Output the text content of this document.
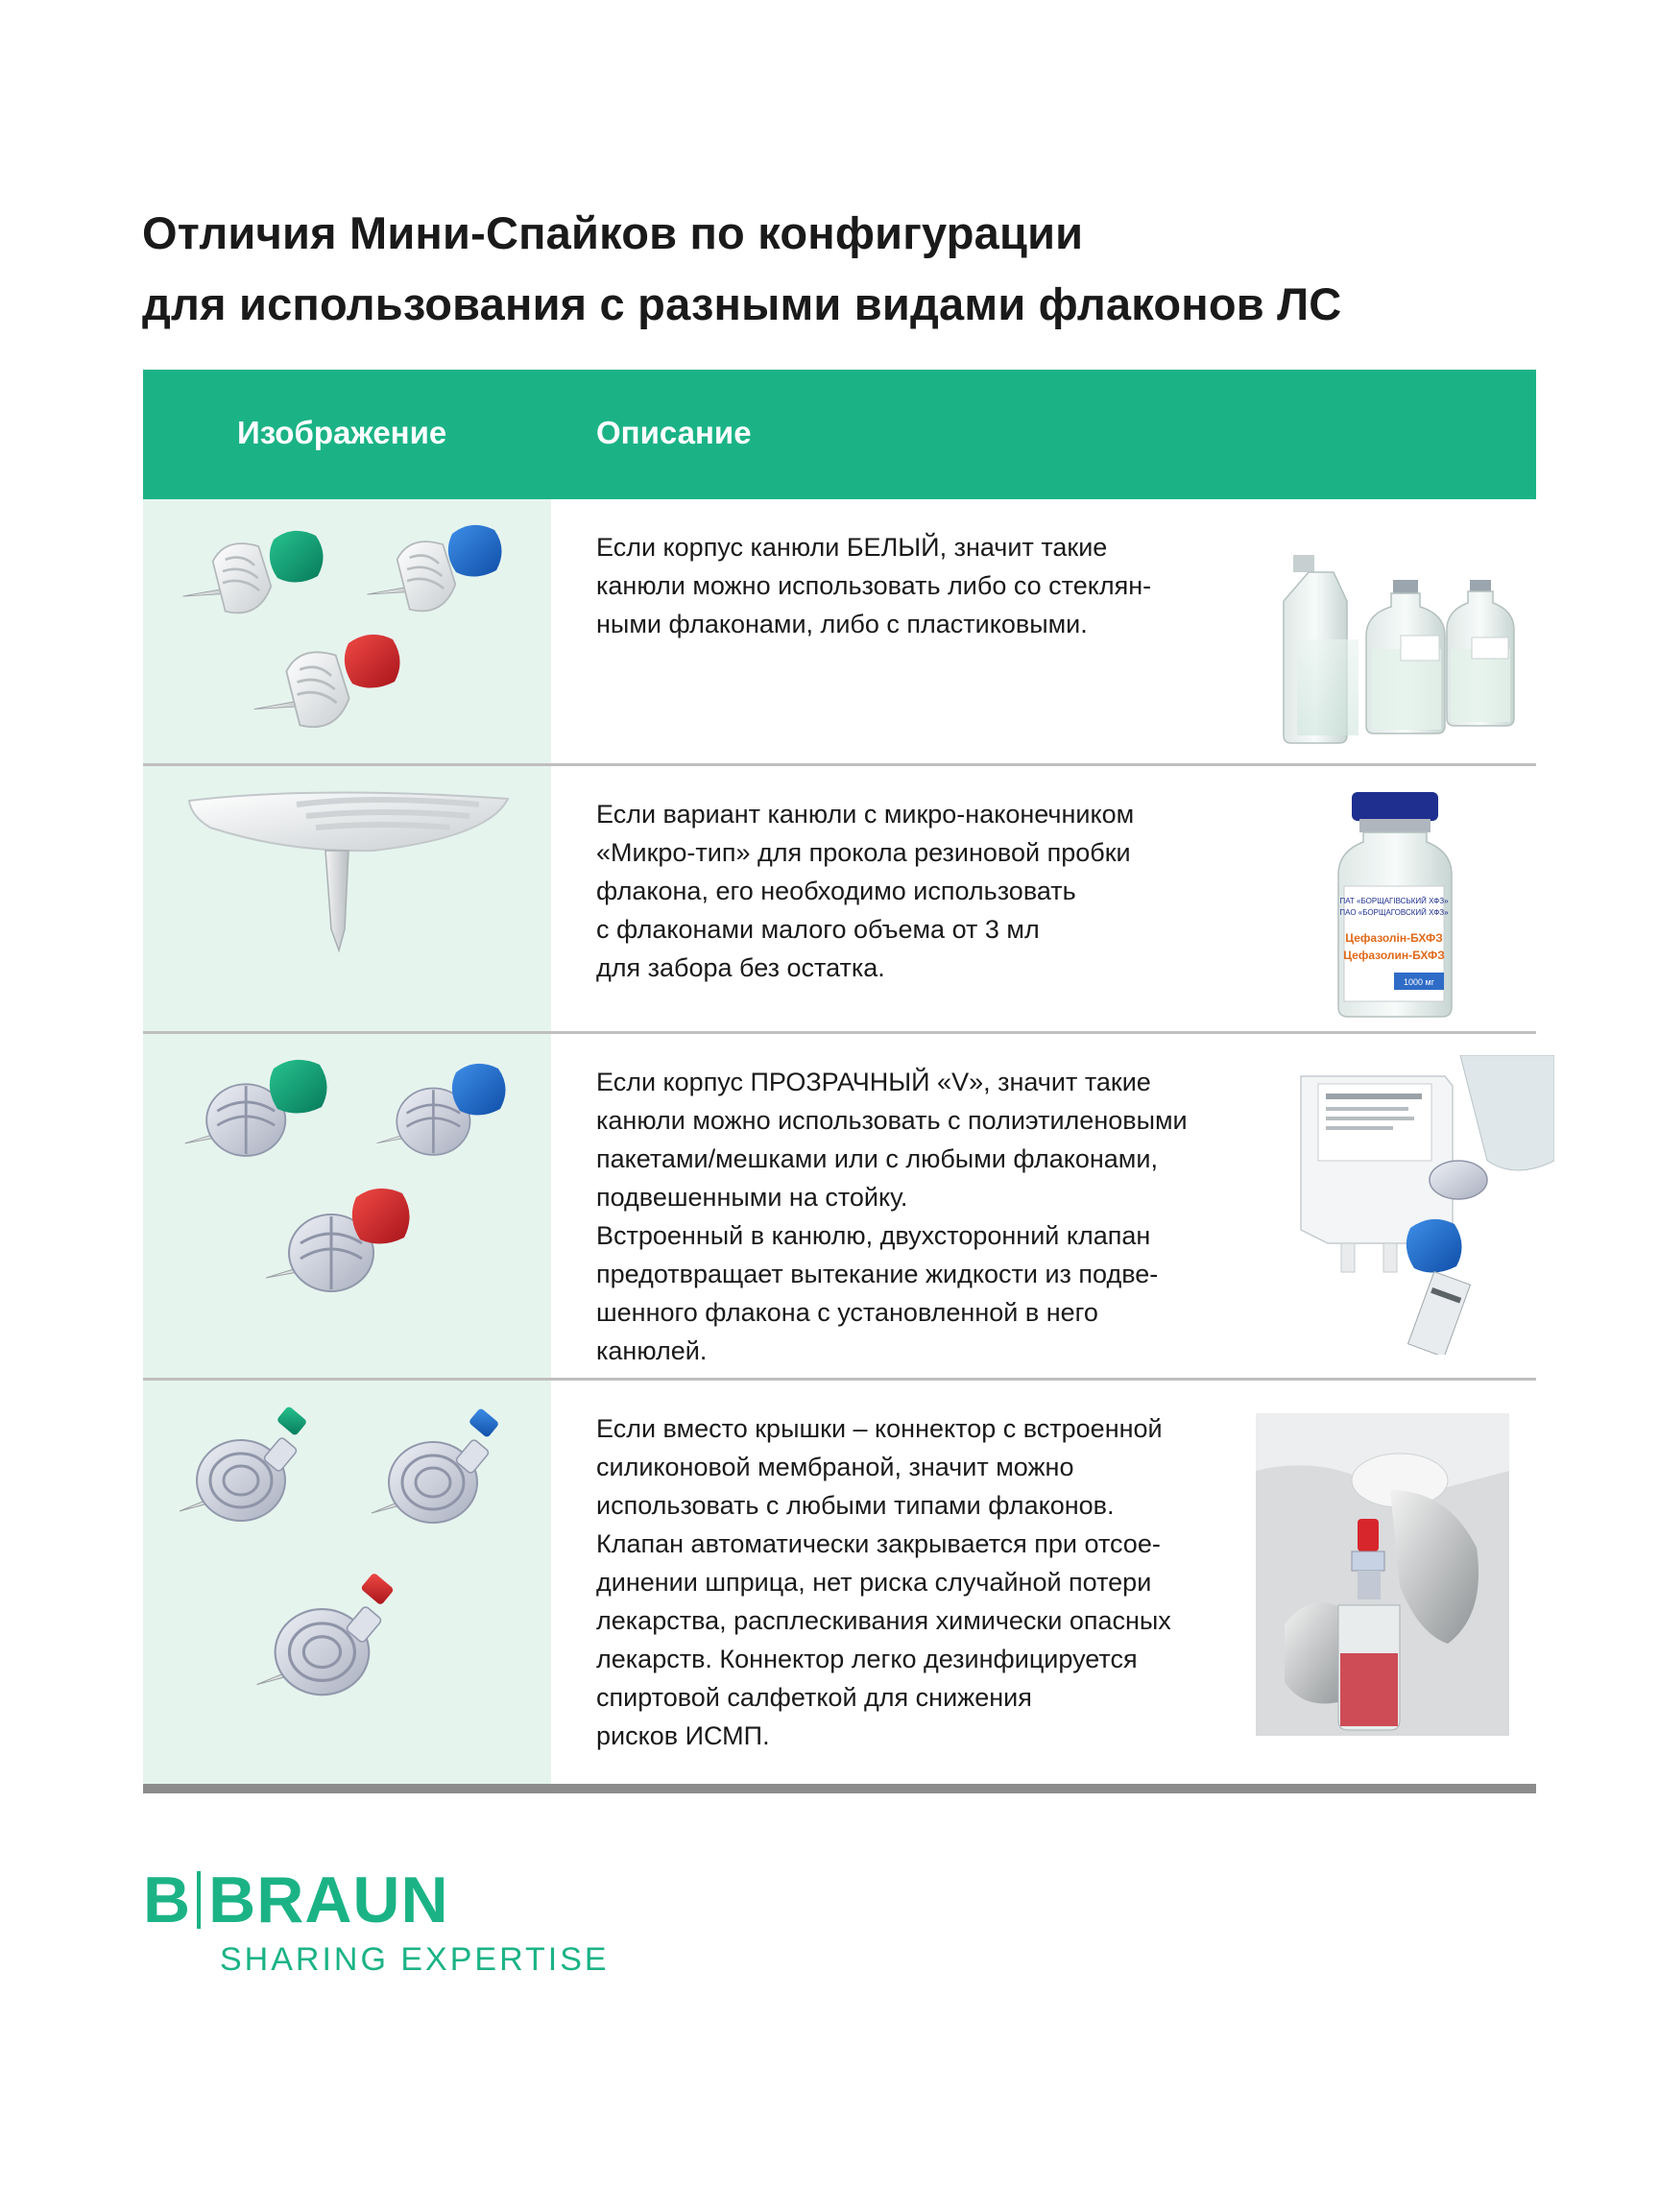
Отличия Мини-Спайков по конфигурации
для использования с разными видами флаконов ЛС
Изображение	Описание
Если корпус канюли БЕЛЫЙ, значит такие
канюли можно использовать либо со стеклян-
ными флаконами, либо с пластиковыми.
Если вариант канюли с микро-наконечником
«Микро-тип» для прокола резиновой пробки
флакона, его необходимо использовать
с флаконами малого объема от 3 мл
для забора без остатка.
ПАТ «БОРЩАГІВСЬКИЙ ХФЗ»
ПАО «БОРЩАГОВСКИЙ ХФЗ»
Цефазолін-БХФЗ
Цефазолин-БХФЗ
1000 мг
Если корпус ПРОЗРАЧНЫЙ «V», значит такие
канюли можно использовать с полиэтиленовыми
пакетами/мешками или с любыми флаконами,
подвешенными на стойку.
Встроенный в канюлю, двухсторонний клапан
предотвращает вытекание жидкости из подве-
шенного флакона с установленной в него
канюлей.
Если вместо крышки – коннектор с встроенной
силиконовой мембраной, значит можно
использовать с любыми типами флаконов.
Клапан автоматически закрывается при отсое-
динении шприца, нет риска случайной потери
лекарства, расплескивания химически опасных
лекарств. Коннектор легко дезинфицируется
спиртовой салфеткой для снижения
рисков ИСМП.
B BRAUN
SHARING EXPERTISE
